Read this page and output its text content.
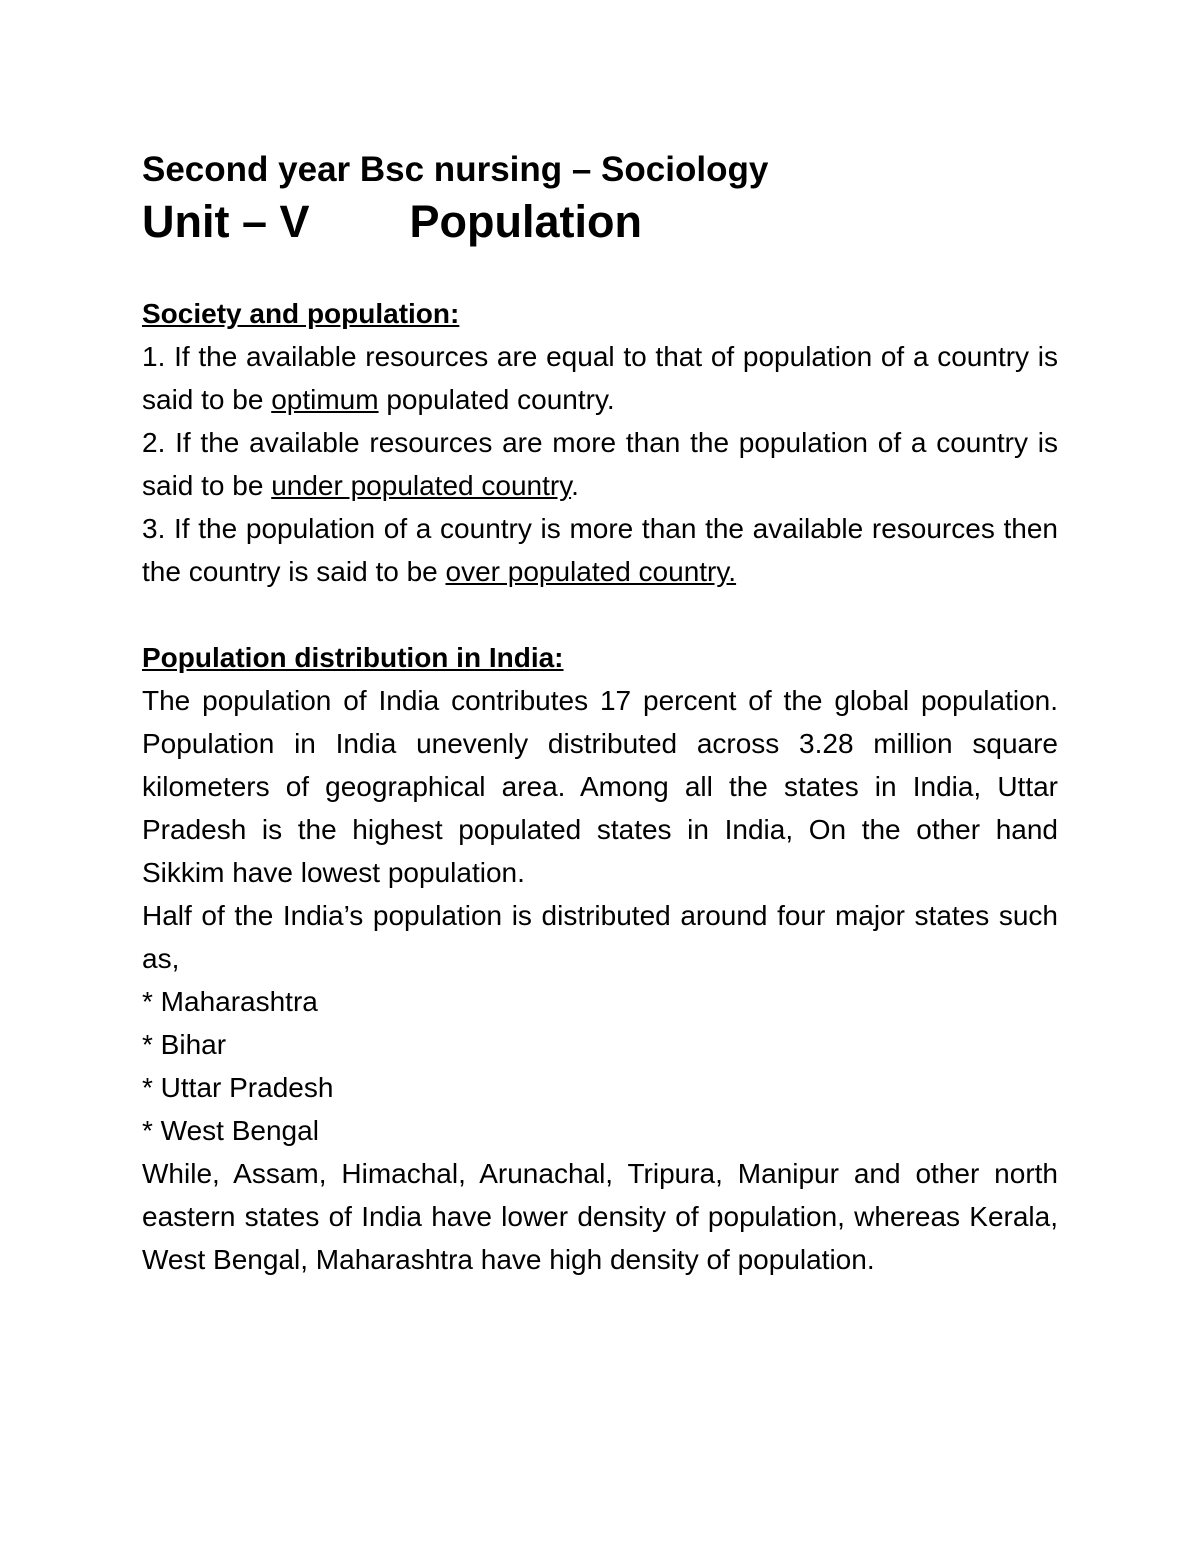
Second year Bsc nursing – Sociology

Unit – V Population

Society and population:

1. If the available resources are equal to that of population of a country is said to be optimum populated country.

2. If the available resources are more than the population of a country is said to be under populated country.

3. If the population of a country is more than the available resources then the country is said to be over populated country.

Population distribution in India:

The population of India contributes 17 percent of the global population. Population in India unevenly distributed across 3.28 million square kilometers of geographical area. Among all the states in India, Uttar Pradesh is the highest populated states in India, On the other hand Sikkim have lowest population.

Half of the India’s population is distributed around four major states such as,

* Maharashtra

* Bihar

* Uttar Pradesh

* West Bengal

While, Assam, Himachal, Arunachal, Tripura, Manipur and other north eastern states of India have lower density of population, whereas Kerala, West Bengal, Maharashtra have high density of population.
